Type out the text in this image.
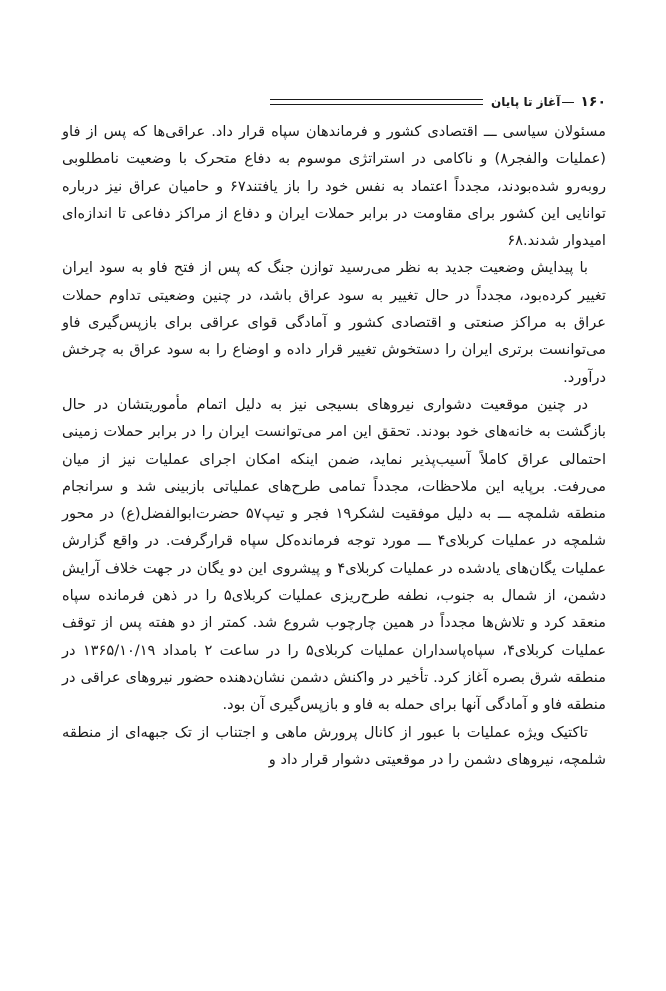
۱۶۰
آغاز تا پایان

مسئولان سیاسی ـــ اقتصادی کشور و فرماندهان سپاه قرار داد. عراقی‌ها که پس از فاو (عملیات والفجر۸) و ناکامی در استراتژی موسوم به دفاع متحرک با وضعیت نامطلوبی روبه‌رو شده‌بودند، مجدداً اعتماد به نفس خود را باز یافتند۶۷ و حامیان عراق نیز درباره توانایی این کشور برای مقاومت در برابر حملات ایران و دفاع از مراکز دفاعی تا اندازه‌ای امیدوار شدند.۶۸

با پیدایش وضعیت جدید به نظر می‌رسید توازن جنگ که پس از فتح فاو به سود ایران تغییر کرده‌بود، مجدداً در حال تغییر به سود عراق باشد، در چنین وضعیتی تداوم حملات عراق به مراکز صنعتی و اقتصادی کشور و آمادگی قوای عراقی برای بازپس‌گیری فاو می‌توانست برتری ایران را دستخوش تغییر قرار داده و اوضاع را به سود عراق به چرخش درآورد.

در چنین موقعیت دشواری نیروهای بسیجی نیز به دلیل اتمام مأموریتشان در حال بازگشت به خانه‌های خود بودند. تحقق این امر می‌توانست ایران را در برابر حملات زمینی احتمالی عراق کاملاً آسیب‌پذیر نماید، ضمن اینکه امکان اجرای عملیات نیز از میان می‌رفت. برپایه این ملاحظات، مجدداً تمامی طرح‌های عملیاتی بازبینی شد و سرانجام منطقه شلمچه ـــ به دلیل موفقیت لشکر۱۹ فجر و تیپ۵۷ حضرت‌ابوالفضل(ع) در محور شلمچه در عملیات کربلای۴ ـــ مورد توجه فرمانده‌کل سپاه قرارگرفت. در واقع گزارش عملیات یگان‌های یادشده در عملیات کربلای۴ و پیشروی این دو یگان در جهت خلاف آرایش دشمن، از شمال به جنوب، نطفه طرح‌ریزی عملیات کربلای۵ را در ذهن فرمانده سپاه منعقد کرد و تلاش‌ها مجدداً در همین چارچوب شروع شد. کمتر از دو هفته پس از توقف عملیات کربلای۴، سپاه‌پاسداران عملیات کربلای۵ را در ساعت ۲ بامداد ۱۳۶۵/۱۰/۱۹ در منطقه شرق بصره آغاز کرد. تأخیر در واکنش دشمن نشان‌دهنده حضور نیروهای عراقی در منطقه فاو و آمادگی آنها برای حمله به فاو و بازپس‌گیری آن بود.

تاکتیک ویژه عملیات با عبور از کانال پرورش ماهی و اجتناب از تک جبهه‌ای از منطقه شلمچه، نیروهای دشمن را در موقعیتی دشوار قرار داد و
